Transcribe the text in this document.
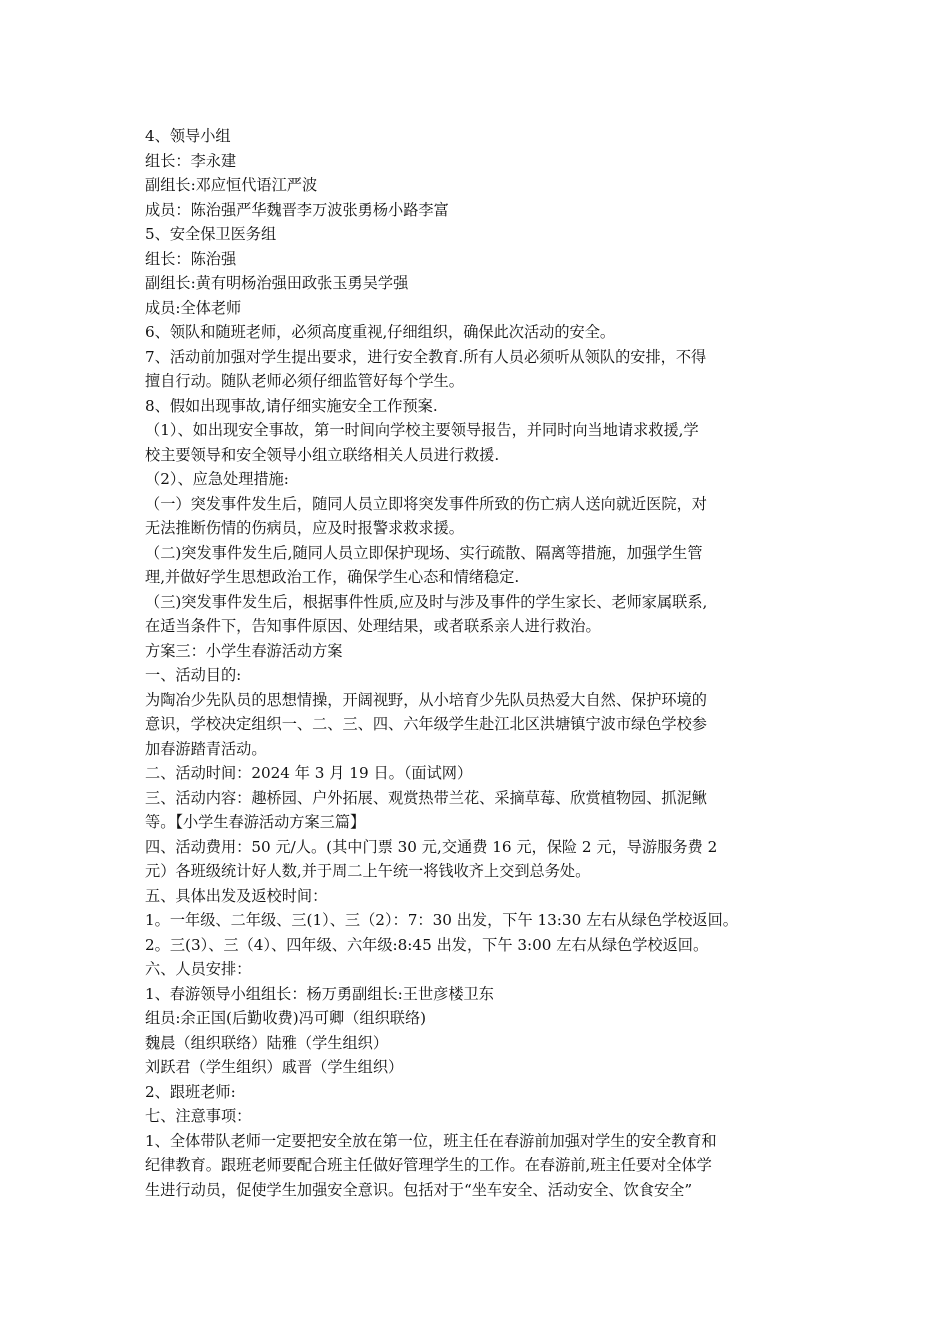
4、领导小组
组长：李永建
副组长:邓应恒代语江严波
成员：陈治强严华魏晋李万波张勇杨小路李富
5、安全保卫医务组
组长：陈治强
副组长:黄有明杨治强田政张玉勇吴学强
成员:全体老师
6、领队和随班老师，必须高度重视,仔细组织，确保此次活动的安全。
7、活动前加强对学生提出要求，进行安全教育.所有人员必须听从领队的安排，不得
擅自行动。随队老师必须仔细监管好每个学生。
8、假如出现事故,请仔细实施安全工作预案.
（1）、如出现安全事故，第一时间向学校主要领导报告，并同时向当地请求救援,学
校主要领导和安全领导小组立联络相关人员进行救援.
（2）、应急处理措施:
（一）突发事件发生后，随同人员立即将突发事件所致的伤亡病人送向就近医院，对
无法推断伤情的伤病员，应及时报警求救求援。
（二)突发事件发生后,随同人员立即保护现场、实行疏散、隔离等措施，加强学生管
理,并做好学生思想政治工作，确保学生心态和情绪稳定.
（三)突发事件发生后，根据事件性质,应及时与涉及事件的学生家长、老师家属联系,
在适当条件下，告知事件原因、处理结果，或者联系亲人进行救治。
方案三：小学生春游活动方案
一、活动目的:
为陶冶少先队员的思想情操，开阔视野，从小培育少先队员热爱大自然、保护环境的
意识，学校决定组织一、二、三、四、六年级学生赴江北区洪塘镇宁波市绿色学校参
加春游踏青活动。
二、活动时间：2024 年 3 月 19 日。（面试网）
三、活动内容：趣桥园、户外拓展、观赏热带兰花、采摘草莓、欣赏植物园、抓泥鳅
等。【小学生春游活动方案三篇】
四、活动费用：50 元/人。(其中门票 30 元,交通费 16 元，保险 2 元，导游服务费 2
元）各班级统计好人数,并于周二上午统一将钱收齐上交到总务处。
五、具体出发及返校时间：
1。一年级、二年级、三(1）、三（2）：7：30 出发，下午 13:30 左右从绿色学校返回。
2。三(3）、三（4）、四年级、六年级:8:45 出发，下午 3:00 左右从绿色学校返回。
六、人员安排：
1、春游领导小组组长：杨万勇副组长:王世彦楼卫东
组员:余正国(后勤收费)冯可卿（组织联络)
魏晨（组织联络）陆雅（学生组织）
刘跃君（学生组织）戚晋（学生组织）
2、跟班老师:
七、注意事项：
1、全体带队老师一定要把安全放在第一位，班主任在春游前加强对学生的安全教育和
纪律教育。跟班老师要配合班主任做好管理学生的工作。在春游前,班主任要对全体学
生进行动员，促使学生加强安全意识。包括对于“坐车安全、活动安全、饮食安全”
